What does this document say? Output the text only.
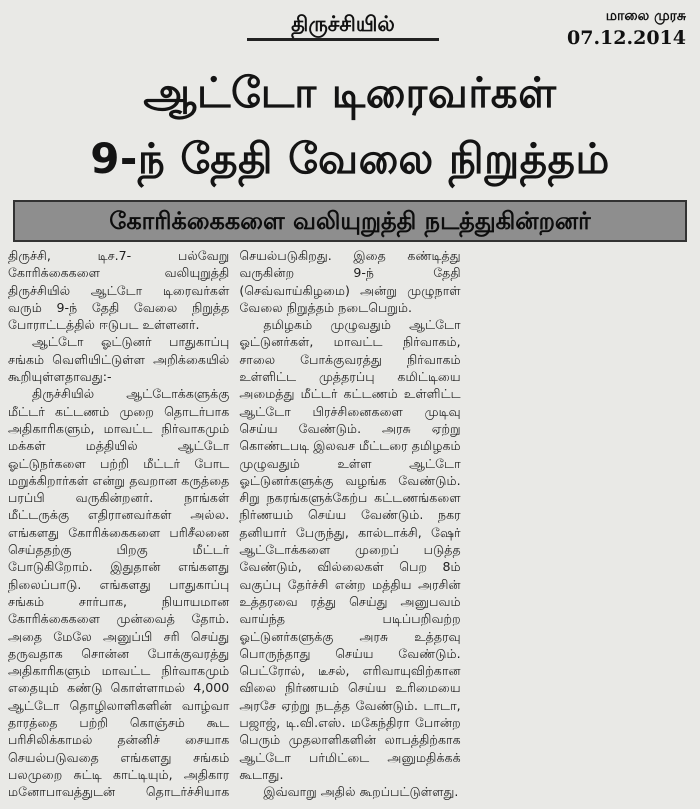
திருச்சியில்	மாலை முரசு
07.12.2014
ஆட்டோ டிரைவர்கள்
9-ந் தேதி வேலை நிறுத்தம்
கோரிக்கைகளை வலியுறுத்தி நடத்துகின்றனர்

திருச்சி, டிச.7- பல்வேறு கோரிக்கைகளை வலியுறுத்தி திருச்சியில் ஆட்டோ டிரைவர்கள் வரும் 9-ந் தேதி வேலை நிறுத்த போராட்டத்தில் ஈடுபட உள்ளனர்.

ஆட்டோ ஓட்டுனர் பாதுகாப்பு சங்கம் வெளியிட்டுள்ள அறிக்கையில் கூறியுள்ளதாவது:-

திருச்சியில் ஆட்டோக்களுக்கு மீட்டர் கட்டணம் முறை தொடர்பாக அதிகாரிகளும், மாவட்ட நிர்வாகமும் மக்கள் மத்தியில் ஆட்டோ ஓட்டுநர்களை பற்றி மீட்டர் போட மறுக்கிறார்கள் என்று தவறான கருத்தை பரப்பி வருகின்றனர். நாங்கள் மீட்டருக்கு எதிரானவர்கள் அல்ல. எங்களது கோரிக்கைகளை பரிசீலனை செய்ததற்கு பிறகு மீட்டர் போடுகிறோம். இதுதான் எங்களது நிலைப்பாடு. எங்களது பாதுகாப்பு சங்கம் சார்பாக, நியாயமான கோரிக்கைகளை முன்வைத் தோம். அதை மேலே அனுப்பி சரி செய்து தருவதாக சொன்ன போக்குவரத்து அதிகாரிகளும் மாவட்ட நிர்வாகமும் எதையும் கண்டு கொள்ளாமல் 4,000 ஆட்டோ தொழிலாளிகளின் வாழ்வா தாரத்தை பற்றி கொஞ்சம் கூட பரிசிலிக்காமல் தன்னிச் சையாக செயல்படுவதை எங்களது சங்கம் பலமுறை சுட்டி காட்டியும், அதிகார மனோபாவத்துடன் தொடர்ச்சியாக செயல்படுகிறது. இதை கண்டித்து வருகின்ற 9-ந் தேதி (செவ்வாய்கிழமை) அன்று முழுநாள் வேலை நிறுத்தம் நடைபெறும்.

தமிழகம் முழுவதும் ஆட்டோ ஓட்டுனர்கள், மாவட்ட நிர்வாகம், சாலை போக்குவரத்து நிர்வாகம் உள்ளிட்ட முத்தரப்பு கமிட்டியை அமைத்து மீட்டர் கட்டணம் உள்ளிட்ட ஆட்டோ பிரச்சினைகளை முடிவு செய்ய வேண்டும். அரசு ஏற்று கொண்டபடி இலவச மீட்டரை தமிழகம் முழுவதும் உள்ள ஆட்டோ ஓட்டுனர்களுக்கு வழங்க வேண்டும். சிறு நகரங்களுக்கேற்ப கட்டணங்களை நிர்ணயம் செய்ய வேண்டும். நகர தனியார் பேருந்து, கால்டாக்சி, ஷேர் ஆட்டோக்களை முறைப் படுத்த வேண்டும், வில்லைகள் பெற 8ம் வகுப்பு தேர்ச்சி என்ற மத்திய அரசின் உத்தரவை ரத்து செய்து அனுபவம் வாய்ந்த படிப்பறிவற்ற ஓட்டுனர்களுக்கு அரசு உத்தரவு பொருந்தாது செய்ய வேண்டும். பெட்ரோல், டீசல், எரிவாயுவிற்கான விலை நிர்ணயம் செய்ய உரிமையை அரசே ஏற்று நடத்த வேண்டும். டாடா, பஜாஜ், டி.வி.எஸ். மகேந்திரா போன்ற பெரும் முதலாளிகளின் லாபத்திற்காக ஆட்டோ பர்மிட்டை அனுமதிக்கக் கூடாது.

இவ்வாறு அதில் கூறப்பட்டுள்ளது.
